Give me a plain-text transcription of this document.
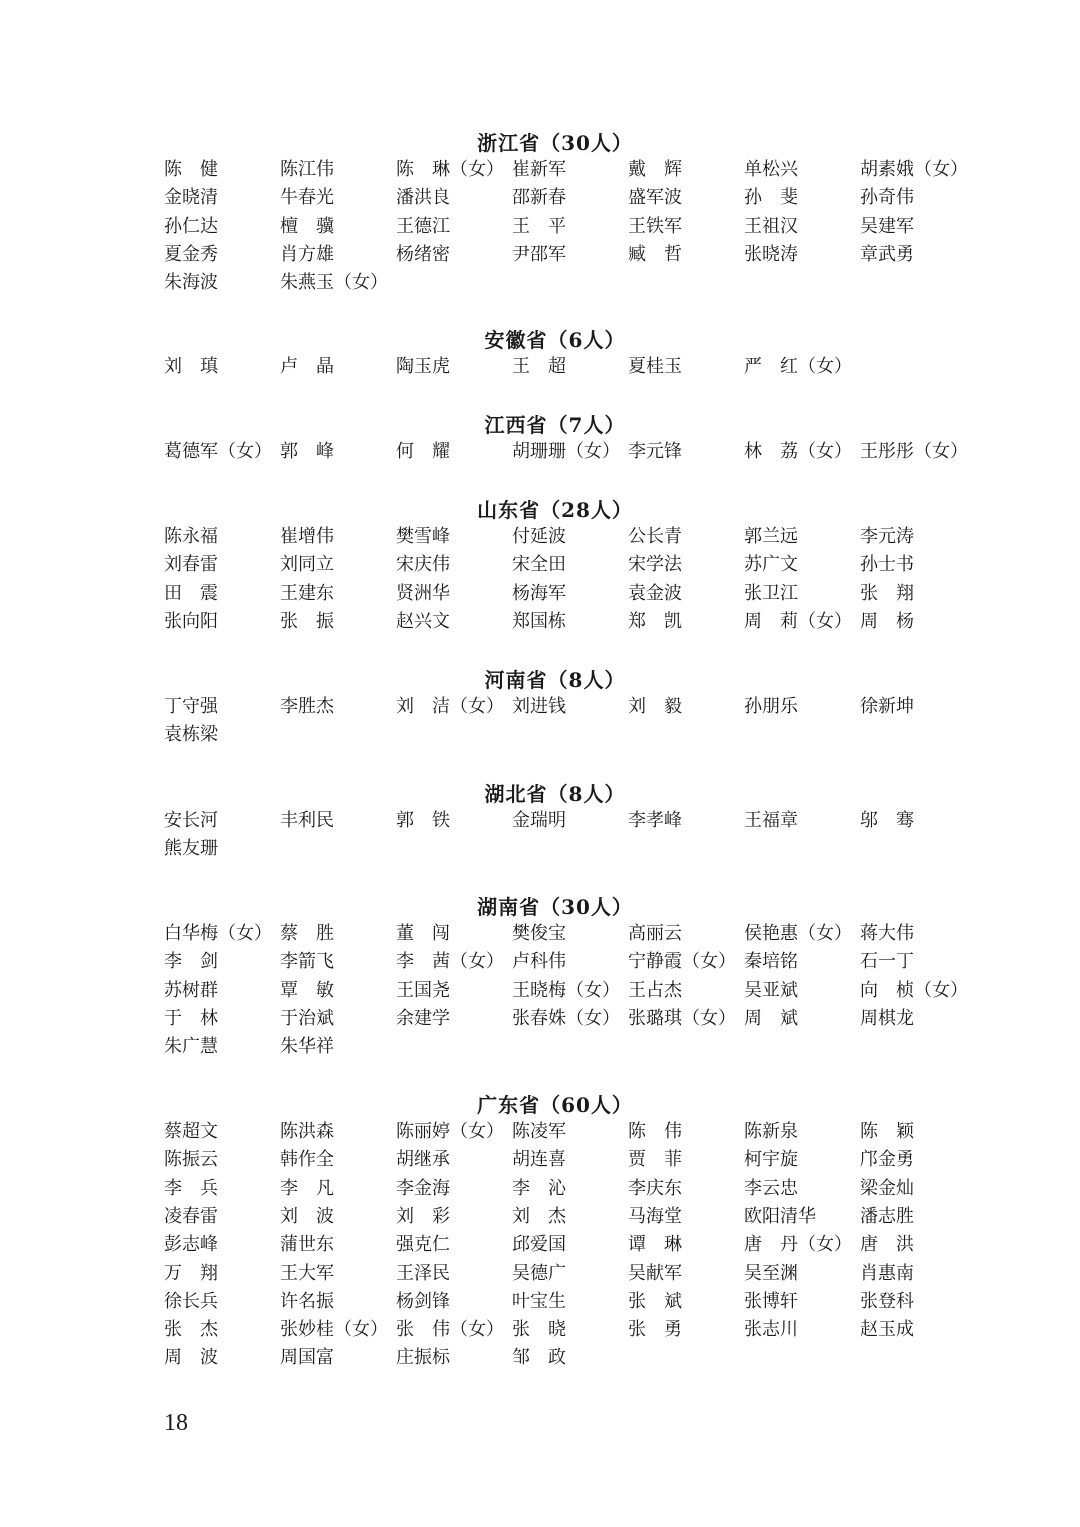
浙江省（30人）
陈　健	陈江伟	陈　琳（女） 崔新军	戴　辉	单松兴	胡素娥（女）
金晓清	牛春光	潘洪良	邵新春	盛军波	孙　斐	孙奇伟
孙仁达	檀　骥	王德江	王　平	王铁军	王祖汉	吴建军
夏金秀	肖方雄	杨绪密	尹邵军	臧　哲	张晓涛	章武勇
朱海波	朱燕玉（女）
安徽省（6人）
刘　瑱	卢　晶	陶玉虎	王　超	夏桂玉	严　红（女）
江西省（7人）
葛德军（女） 郭　峰	何　耀	胡珊珊（女） 李元锋	林　荔（女） 王彤彤（女）
山东省（28人）
陈永福	崔增伟	樊雪峰	付延波	公长青	郭兰远	李元涛
刘春雷	刘同立	宋庆伟	宋全田	宋学法	苏广文	孙士书
田　震	王建东	贤洲华	杨海军	袁金波	张卫江	张　翔
张向阳	张　振	赵兴文	郑国栋	郑　凯	周　莉（女） 周　杨
河南省（8人）
丁守强	李胜杰	刘　洁（女） 刘进钱	刘　毅	孙朋乐	徐新坤
袁栋梁
湖北省（8人）
安长河	丰利民	郭　铁	金瑞明	李孝峰	王福章	邬　骞
熊友珊
湖南省（30人）
白华梅（女） 蔡　胜	董　闯	樊俊宝	高丽云	侯艳惠（女） 蒋大伟
李　剑	李箭飞	李　茜（女） 卢科伟	宁静霞（女） 秦培铭	石一丁
苏树群	覃　敏	王国尧	王晓梅（女） 王占杰	吴亚斌	向　桢（女）
于　林	于治斌	余建学	张春姝（女） 张璐琪（女） 周　斌	周棋龙
朱广慧	朱华祥
广东省（60人）
蔡超文	陈洪森	陈丽婷（女） 陈凌军	陈　伟	陈新泉	陈　颖
陈振云	韩作全	胡继承	胡连喜	贾　菲	柯宇旋	邝金勇
李　兵	李　凡	李金海	李　沁	李庆东	李云忠	梁金灿
凌春雷	刘　波	刘　彩	刘　杰	马海堂	欧阳清华 潘志胜
彭志峰	蒲世东	强克仁	邱爱国	谭　琳	唐　丹（女） 唐　洪
万　翔	王大军	王泽民	吴德广	吴献军	吴至渊	肖惠南
徐长兵	许名振	杨剑锋	叶宝生	张　斌	张博轩	张登科
张　杰	张妙桂（女） 张　伟（女） 张　晓	张　勇	张志川	赵玉成
周　波	周国富	庄振标	邹　政
18
